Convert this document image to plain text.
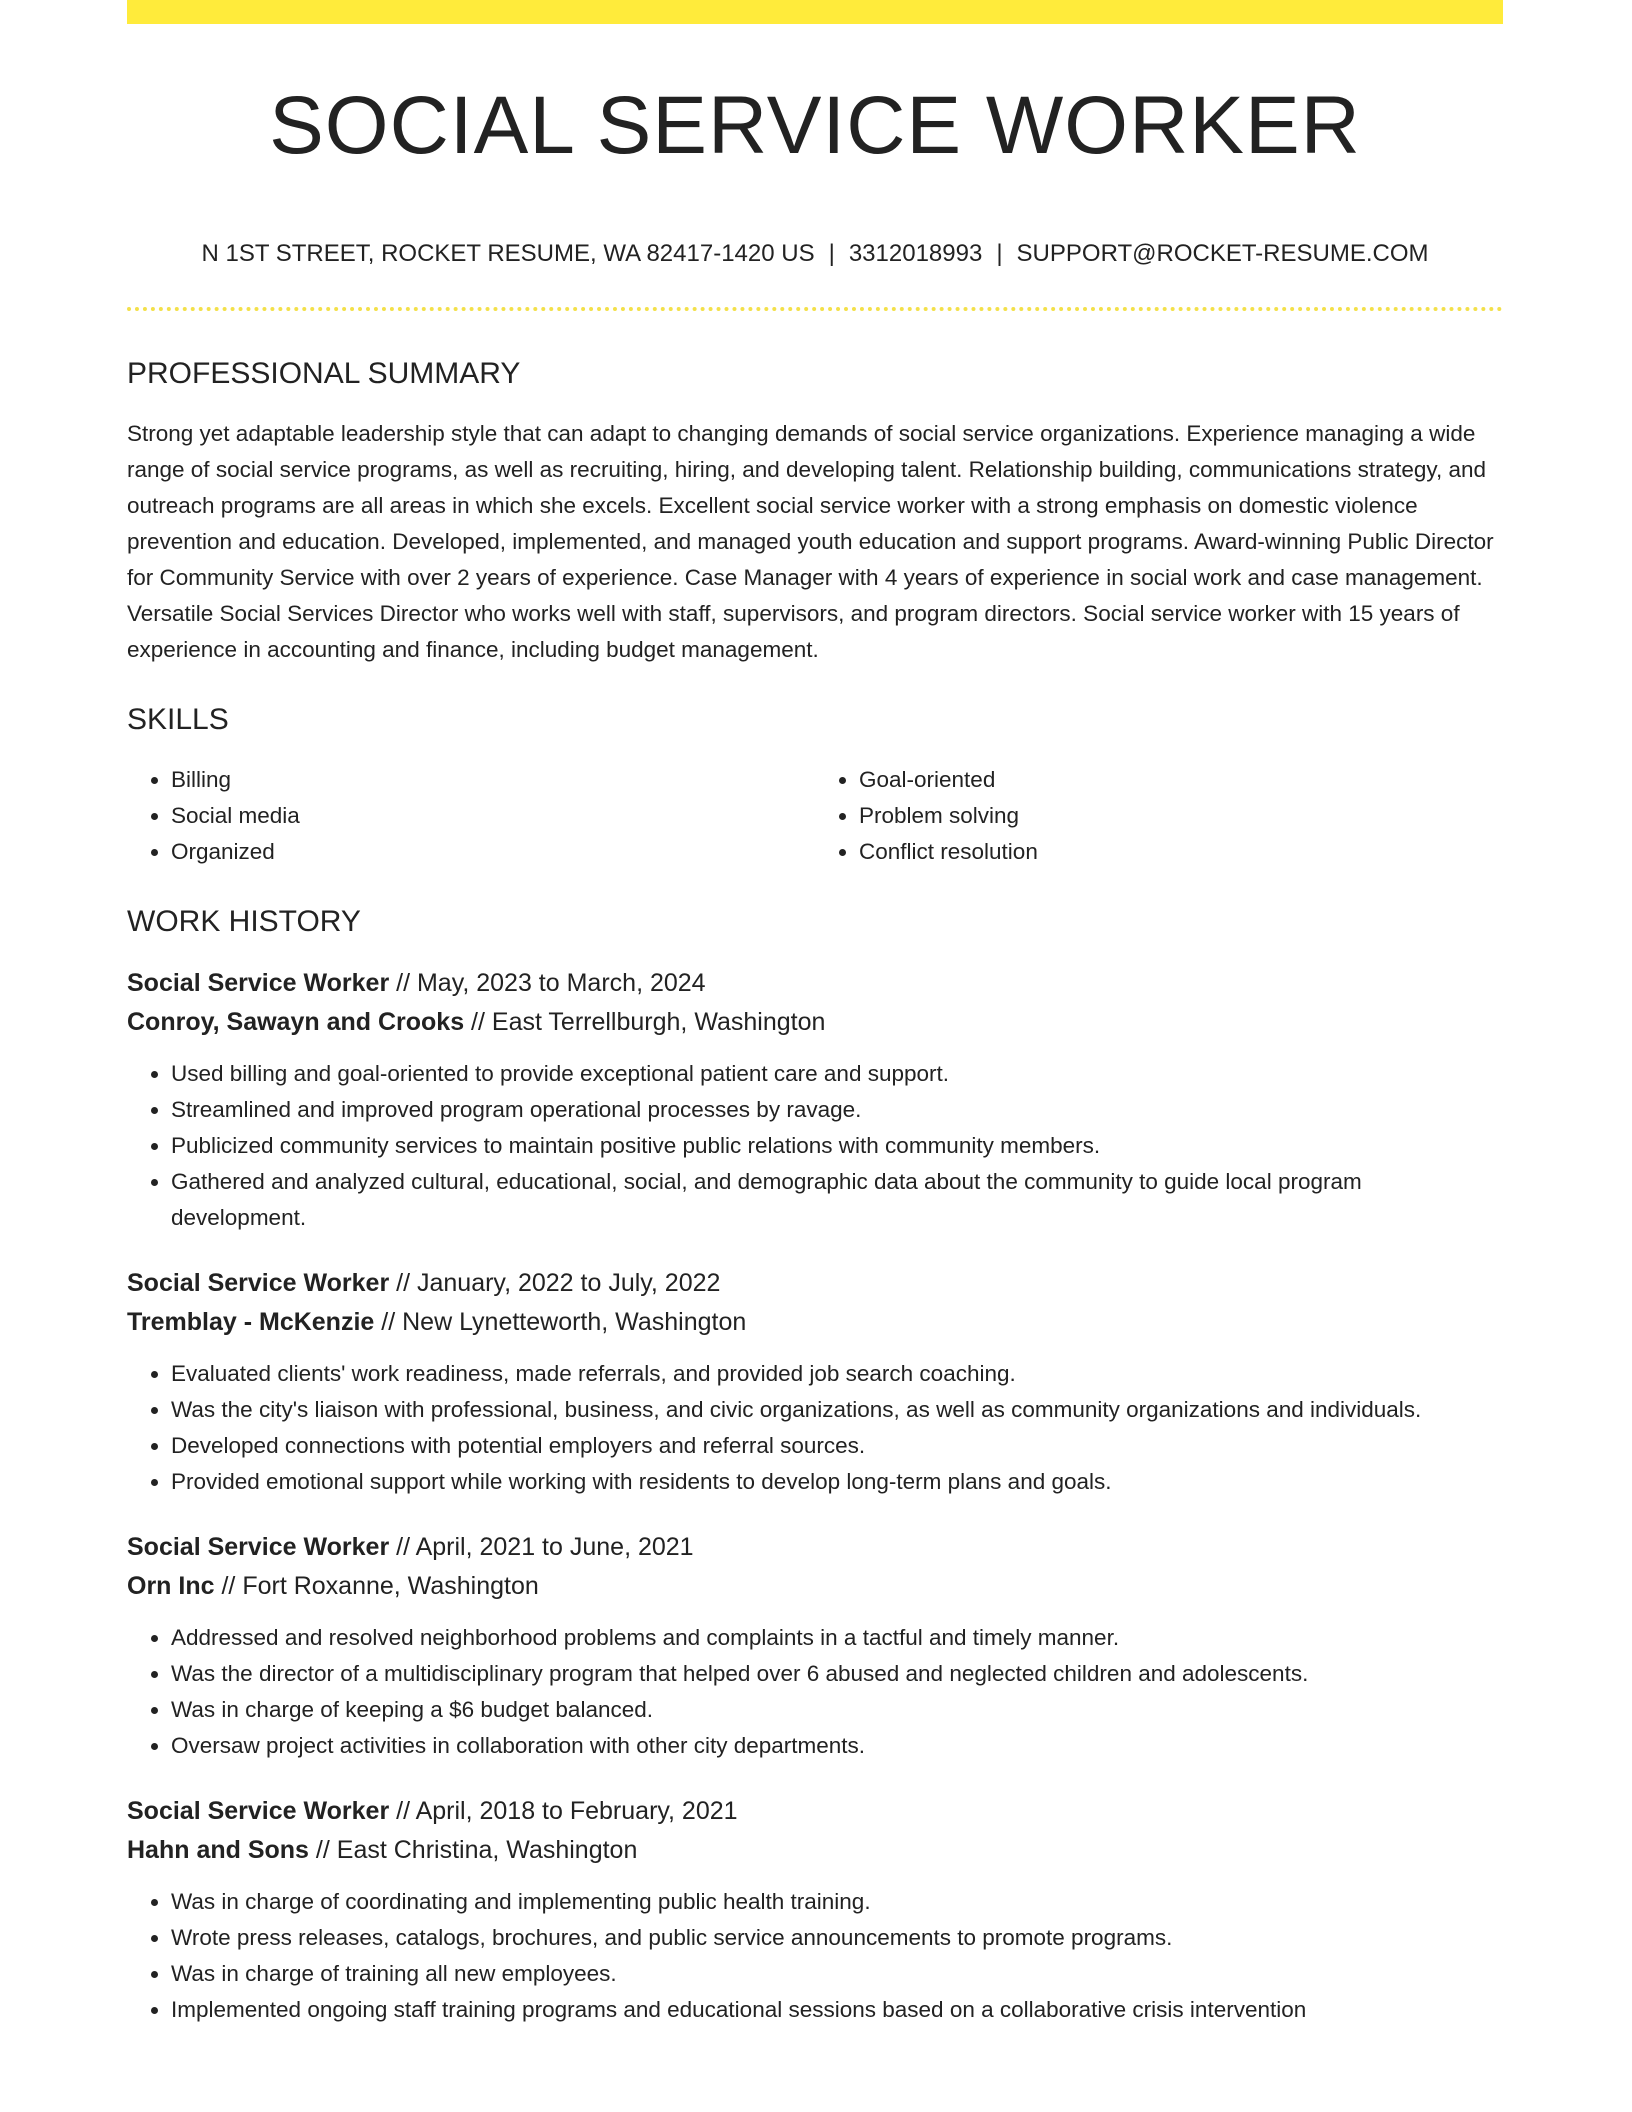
SOCIAL SERVICE WORKER
N 1ST STREET, ROCKET RESUME, WA 82417-1420 US | 3312018993 | SUPPORT@ROCKET-RESUME.COM
PROFESSIONAL SUMMARY

Strong yet adaptable leadership style that can adapt to changing demands of social service organizations. Experience managing a wide range of social service programs, as well as recruiting, hiring, and developing talent. Relationship building, communications strategy, and outreach programs are all areas in which she excels. Excellent social service worker with a strong emphasis on domestic violence prevention and education. Developed, implemented, and managed youth education and support programs. Award-winning Public Director for Community Service with over 2 years of experience. Case Manager with 4 years of experience in social work and case management. Versatile Social Services Director who works well with staff, supervisors, and program directors. Social service worker with 15 years of experience in accounting and finance, including budget management.

SKILLS
• Billing
• Social media
• Organized
• Goal-oriented
• Problem solving
• Conflict resolution
WORK HISTORY
Social Service Worker // May, 2023 to March, 2024
Conroy, Sawayn and Crooks // East Terrellburgh, Washington
• Used billing and goal-oriented to provide exceptional patient care and support.
• Streamlined and improved program operational processes by ravage.
• Publicized community services to maintain positive public relations with community members.
• Gathered and analyzed cultural, educational, social, and demographic data about the community to guide local program development.
Social Service Worker // January, 2022 to July, 2022
Tremblay - McKenzie // New Lynetteworth, Washington
• Evaluated clients' work readiness, made referrals, and provided job search coaching.
• Was the city's liaison with professional, business, and civic organizations, as well as community organizations and individuals.
• Developed connections with potential employers and referral sources.
• Provided emotional support while working with residents to develop long-term plans and goals.
Social Service Worker // April, 2021 to June, 2021
Orn Inc // Fort Roxanne, Washington
• Addressed and resolved neighborhood problems and complaints in a tactful and timely manner.
• Was the director of a multidisciplinary program that helped over 6 abused and neglected children and adolescents.
• Was in charge of keeping a $6 budget balanced.
• Oversaw project activities in collaboration with other city departments.
Social Service Worker // April, 2018 to February, 2021
Hahn and Sons // East Christina, Washington
• Was in charge of coordinating and implementing public health training.
• Wrote press releases, catalogs, brochures, and public service announcements to promote programs.
• Was in charge of training all new employees.
• Implemented ongoing staff training programs and educational sessions based on a collaborative crisis intervention
